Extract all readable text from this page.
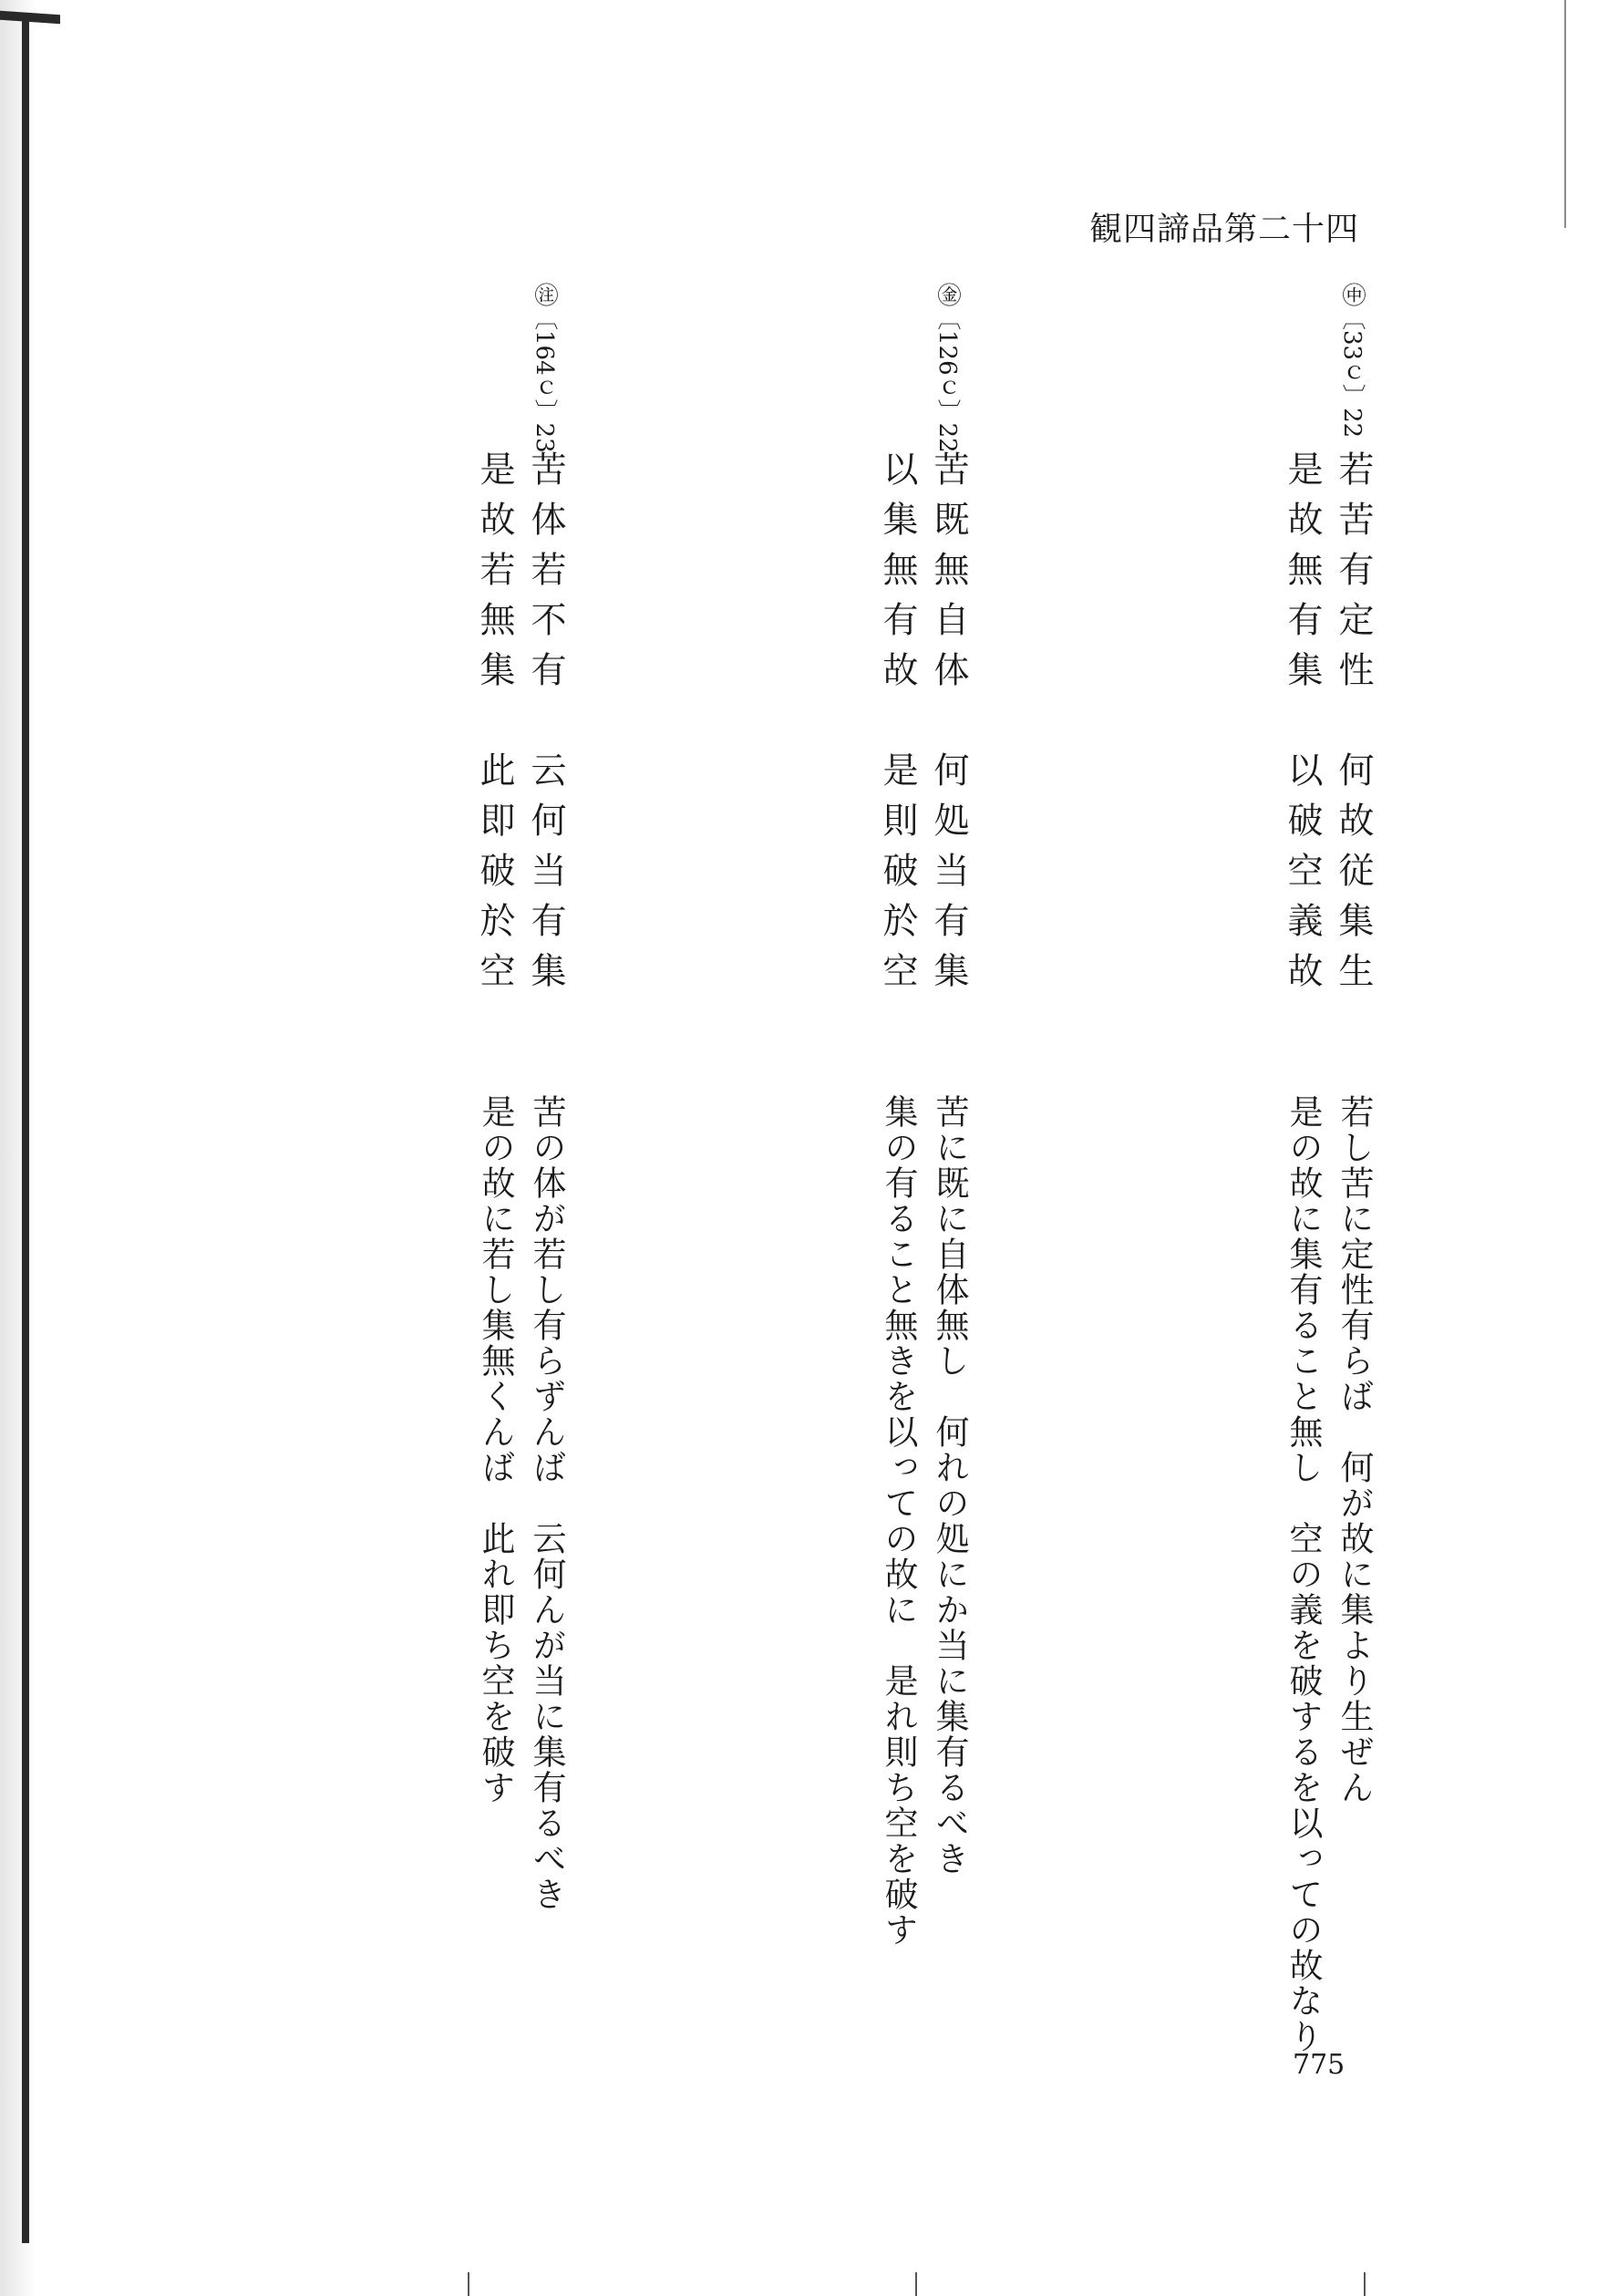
観四諦品第二十四
㊥〔33ｃ〕22
若苦有定性　何故従集生
是故無有集　以破空義故
若し苦に定性有らば　何が故に集より生ぜん
是の故に集有ること無し　空の義を破するを以っての故なり
㊎〔126ｃ〕22
苦既無自体　何処当有集
以集無有故　是則破於空
苦に既に自体無し　何れの処にか当に集有るべき
集の有ること無きを以っての故に　是れ則ち空を破す
㊟〔164ｃ〕23
苦体若不有　云何当有集
是故若無集　此即破於空
苦の体が若し有らずんば　云何んが当に集有るべき
是の故に若し集無くんば　此れ即ち空を破す
775
